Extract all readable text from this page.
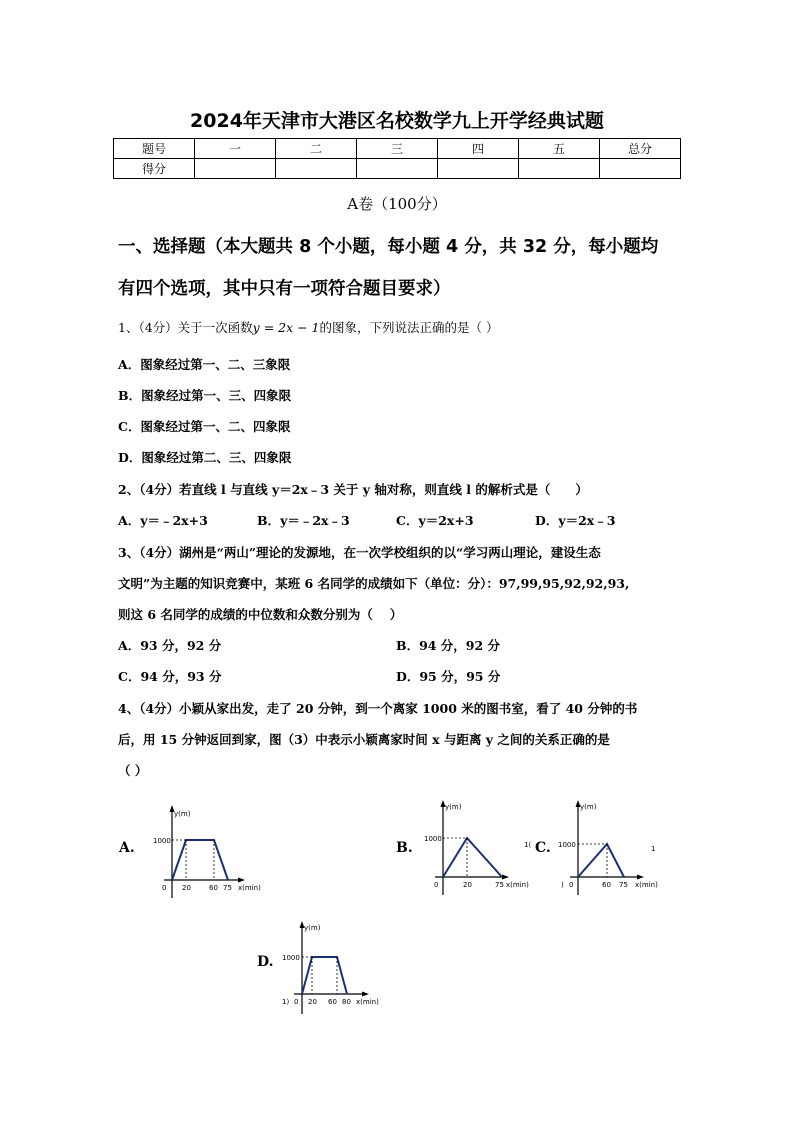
2024年天津市大港区名校数学九上开学经典试题
题号	一	二	三	四	五	总分
得分						
A卷（100分）
一、选择题（本大题共 8 个小题，每小题 4 分，共 32 分，每小题均
有四个选项，其中只有一项符合题目要求）
1、（4分）关于一次函数y = 2x − 1的图象，下列说法正确的是（ ）
A．图象经过第一、二、三象限
B．图象经过第一、三、四象限
C．图象经过第一、二、四象限
D．图象经过第二、三、四象限
2、（4分）若直线 l 与直线 y＝2x﹣3 关于 y 轴对称，则直线 l 的解析式是（　　）
A．y＝﹣2x+3	B．y＝﹣2x﹣3	C．y＝2x+3	D．y＝2x﹣3
3、（4分）湖州是“两山”理论的发源地，在一次学校组织的以“学习两山理论，建设生态
文明”为主题的知识竞赛中，某班 6 名同学的成绩如下（单位：分）：97,99,95,92,92,93,
则这 6 名同学的成绩的中位数和众数分别为（　 ）
A．93 分，92 分	B．94 分，92 分
C．94 分，93 分	D．95 分，95 分
4、（4分）小颖从家出发，走了 20 分钟，到一个离家 1000 米的图书室，看了 40 分钟的书
后，用 15 分钟返回到家，图（3）中表示小颖离家时间 x 与距离 y 之间的关系正确的是
（ ）
A.	B.	C.
D.
y(m)
1000
0 20	60 75 x(min)
y(m)
1000
0	20	75 x(min)
1(
y(m)
1000
) 0	60 75 x(min)
1
y(m)
1000
1) 0 20 60 80 x(min)
